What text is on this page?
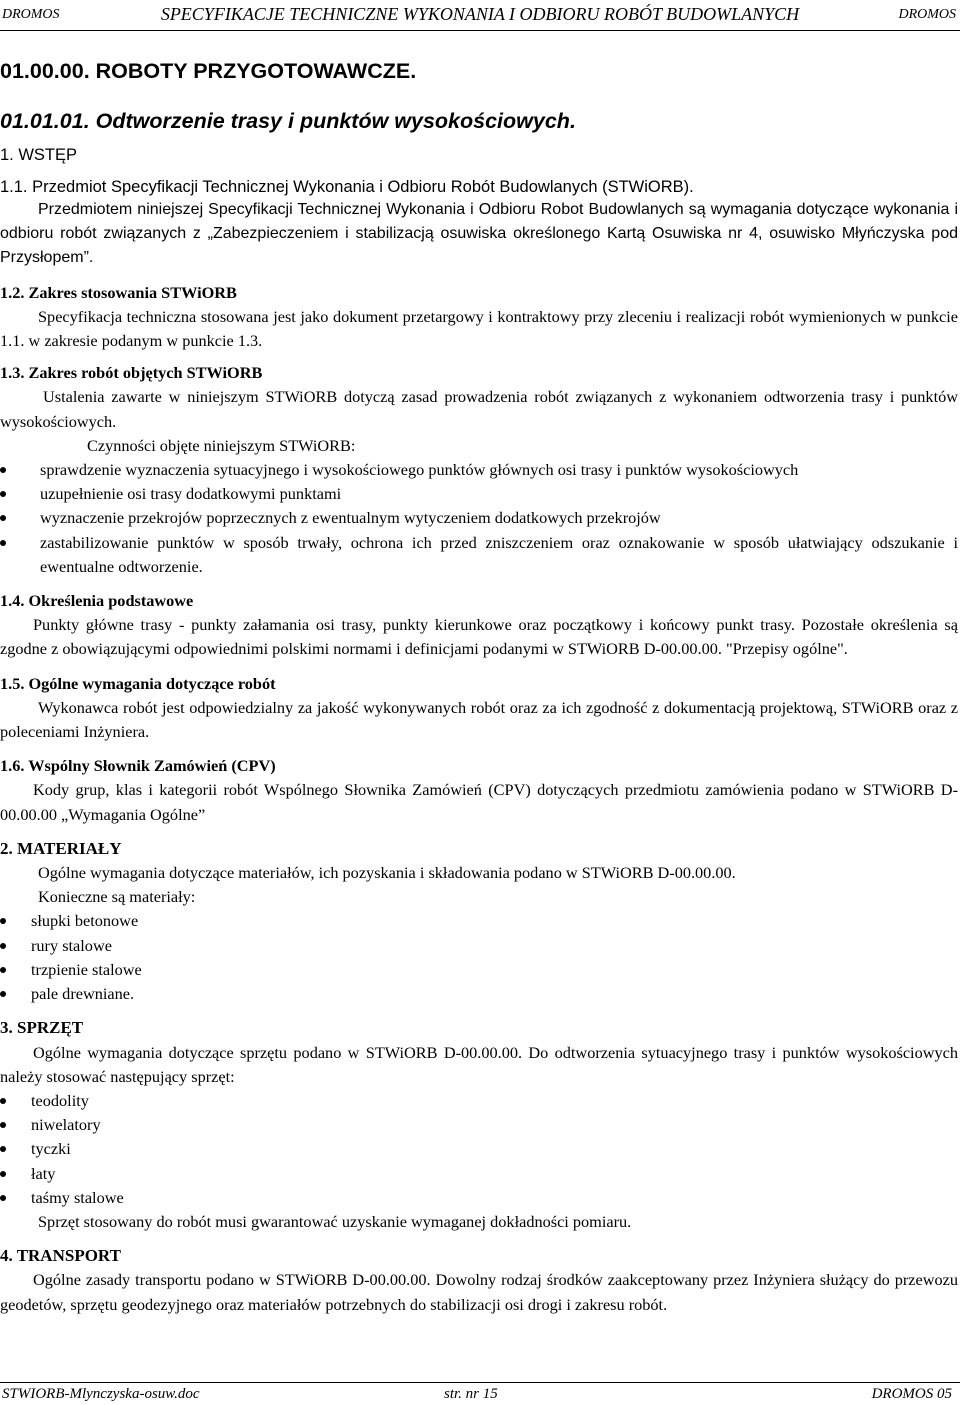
DROMOS	SPECYFIKACJE TECHNICZNE WYKONANIA I ODBIORU ROBÓT BUDOWLANYCH	DROMOS
01.00.00. ROBOTY PRZYGOTOWAWCZE.
01.01.01. Odtworzenie trasy i punktów wysokościowych.
1. WSTĘP
1.1. Przedmiot Specyfikacji Technicznej Wykonania i Odbioru Robót Budowlanych (STWiORB).

Przedmiotem niniejszej Specyfikacji Technicznej Wykonania i Odbioru Robot Budowlanych są wymagania dotyczące wykonania i odbioru robót związanych z „Zabezpieczeniem i stabilizacją osuwiska określonego Kartą Osuwiska nr 4, osuwisko Młyńczyska pod Przysłopem”.

1.2. Zakres stosowania STWiORB

Specyfikacja techniczna stosowana jest jako dokument przetargowy i kontraktowy przy zleceniu i realizacji robót wymienionych w punkcie 1.1. w zakresie podanym w punkcie 1.3.

1.3. Zakres robót objętych STWiORB

Ustalenia zawarte w niniejszym STWiORB dotyczą zasad prowadzenia robót związanych z wykonaniem odtworzenia trasy i punktów wysokościowych.

Czynności objęte niniejszym STWiORB:

sprawdzenie wyznaczenia sytuacyjnego i wysokościowego punktów głównych osi trasy i punktów wysokościowych
uzupełnienie osi trasy dodatkowymi punktami
wyznaczenie przekrojów poprzecznych z ewentualnym wytyczeniem dodatkowych przekrojów
zastabilizowanie punktów w sposób trwały, ochrona ich przed zniszczeniem oraz oznakowanie w sposób ułatwiający odszukanie i ewentualne odtworzenie.
1.4. Określenia podstawowe

Punkty główne trasy - punkty załamania osi trasy, punkty kierunkowe oraz początkowy i końcowy punkt trasy. Pozostałe określenia są zgodne z obowiązującymi odpowiednimi polskimi normami i definicjami podanymi w STWiORB D-00.00.00. "Przepisy ogólne".

1.5. Ogólne wymagania dotyczące robót

Wykonawca robót jest odpowiedzialny za jakość wykonywanych robót oraz za ich zgodność z dokumentacją projektową, STWiORB oraz z poleceniami Inżyniera.

1.6. Wspólny Słownik Zamówień (CPV)

Kody grup, klas i kategorii robót Wspólnego Słownika Zamówień (CPV) dotyczących przedmiotu zamówienia podano w STWiORB D-00.00.00 „Wymagania Ogólne”

2. MATERIAŁY

Ogólne wymagania dotyczące materiałów, ich pozyskania i składowania podano w STWiORB D-00.00.00.

Konieczne są materiały:

słupki betonowe
rury stalowe
trzpienie stalowe
pale drewniane.
3. SPRZĘT

Ogólne wymagania dotyczące sprzętu podano w STWiORB D-00.00.00. Do odtworzenia sytuacyjnego trasy i punktów wysokościowych należy stosować następujący sprzęt:

teodolity
niwelatory
tyczki
łaty
taśmy stalowe

Sprzęt stosowany do robót musi gwarantować uzyskanie wymaganej dokładności pomiaru.

4. TRANSPORT

Ogólne zasady transportu podano w STWiORB D-00.00.00. Dowolny rodzaj środków zaakceptowany przez Inżyniera służący do przewozu geodetów, sprzętu geodezyjnego oraz materiałów potrzebnych do stabilizacji osi drogi i zakresu robót.

STWIORB-Mlynczyska-osuw.doc	str. nr 15	DROMOS 05
